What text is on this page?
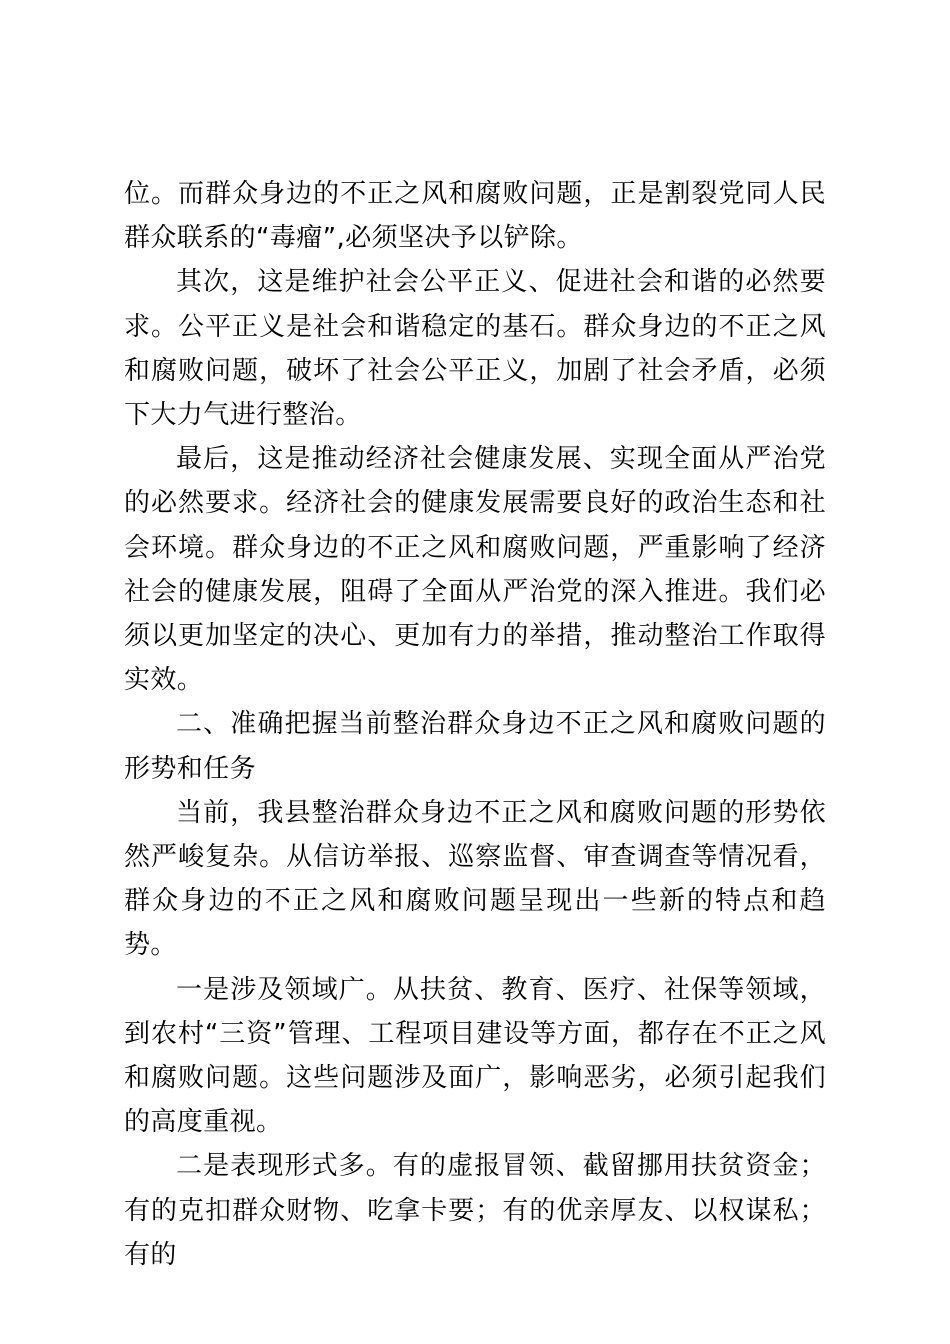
位。而群众身边的不正之风和腐败问题，正是割裂党同人民群众联系的“毒瘤”,必须坚决予以铲除。

其次，这是维护社会公平正义、促进社会和谐的必然要求。公平正义是社会和谐稳定的基石。群众身边的不正之风和腐败问题，破坏了社会公平正义，加剧了社会矛盾，必须下大力气进行整治。

最后，这是推动经济社会健康发展、实现全面从严治党的必然要求。经济社会的健康发展需要良好的政治生态和社会环境。群众身边的不正之风和腐败问题，严重影响了经济社会的健康发展，阻碍了全面从严治党的深入推进。我们必须以更加坚定的决心、更加有力的举措，推动整治工作取得实效。

二、准确把握当前整治群众身边不正之风和腐败问题的形势和任务

当前，我县整治群众身边不正之风和腐败问题的形势依然严峻复杂。从信访举报、巡察监督、审查调查等情况看，群众身边的不正之风和腐败问题呈现出一些新的特点和趋势。

一是涉及领域广。从扶贫、教育、医疗、社保等领域，到农村“三资”管理、工程项目建设等方面，都存在不正之风和腐败问题。这些问题涉及面广，影响恶劣，必须引起我们的高度重视。

二是表现形式多。有的虚报冒领、截留挪用扶贫资金；有的克扣群众财物、吃拿卡要；有的优亲厚友、以权谋私；有的
